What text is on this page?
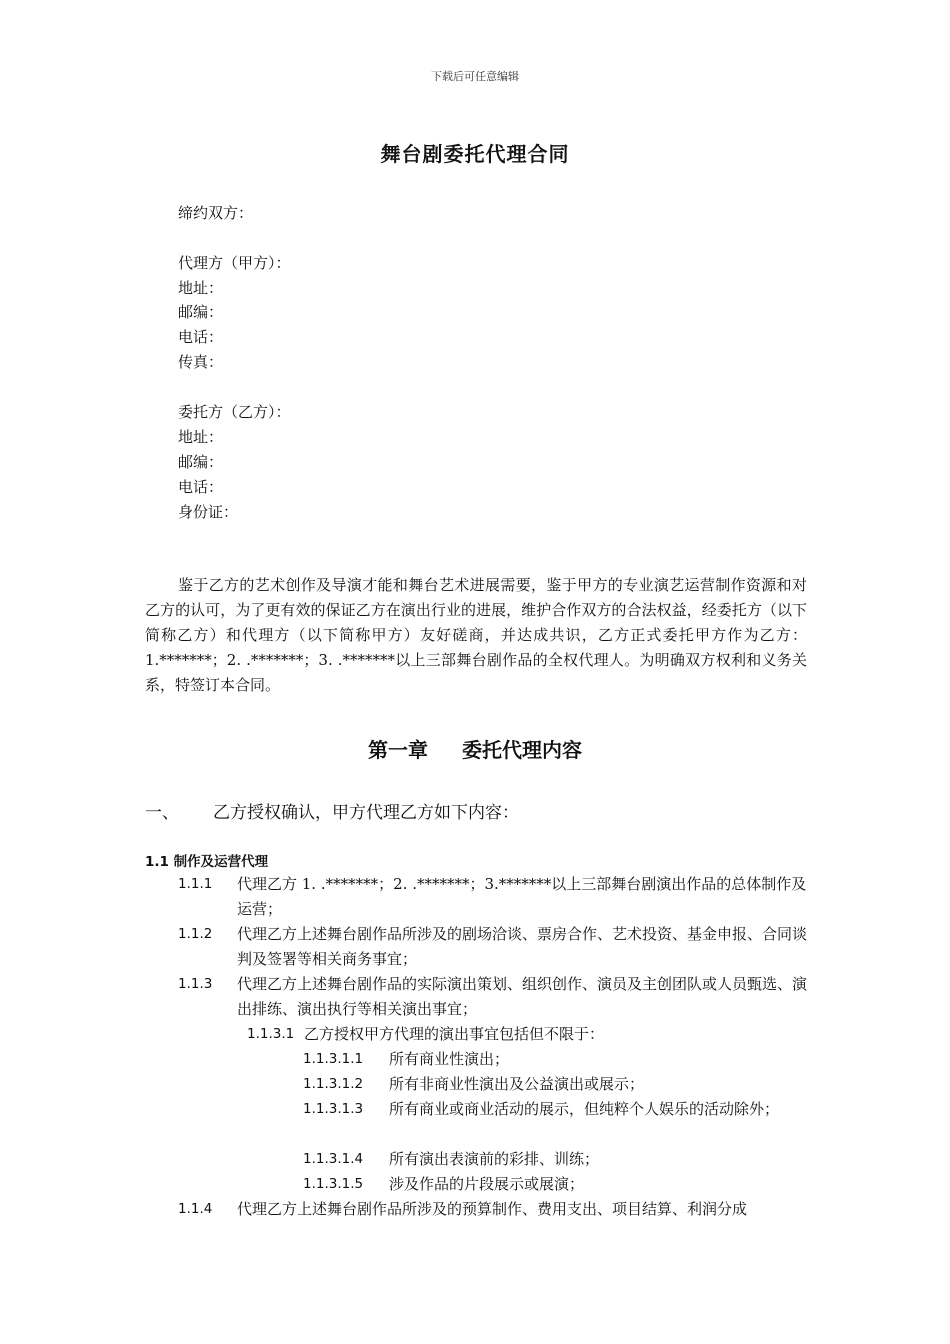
下载后可任意编辑
舞台剧委托代理合同
缔约双方：
代理方（甲方）：
地址：
邮编：
电话：
传真：
委托方（乙方）：
地址：
邮编：
电话：
身份证：
鉴于乙方的艺术创作及导演才能和舞台艺术进展需要，鉴于甲方的专业演艺运营制作资源和对乙方的认可，为了更有效的保证乙方在演出行业的进展，维护合作双方的合法权益，经委托方（以下简称乙方）和代理方（以下简称甲方）友好磋商，并达成共识，乙方正式委托甲方作为乙方：1.*******；2. .*******；3. .*******以上三部舞台剧作品的全权代理人。为明确双方权利和义务关系，特签订本合同。
第一章 委托代理内容
一、 乙方授权确认，甲方代理乙方如下内容：
1.1 制作及运营代理
1.1.1 代理乙方 1. .*******；2. .*******；3.*******以上三部舞台剧演出作品的总体制作及运营；
1.1.2 代理乙方上述舞台剧作品所涉及的剧场洽谈、票房合作、艺术投资、基金申报、合同谈判及签署等相关商务事宜；
1.1.3 代理乙方上述舞台剧作品的实际演出策划、组织创作、演员及主创团队或人员甄选、演出排练、演出执行等相关演出事宜；
1.1.3.1 乙方授权甲方代理的演出事宜包括但不限于：
1.1.3.1.1 所有商业性演出；
1.1.3.1.2 所有非商业性演出及公益演出或展示；
1.1.3.1.3 所有商业或商业活动的展示，但纯粹个人娱乐的活动除外；
1.1.3.1.4 所有演出表演前的彩排、训练；
1.1.3.1.5 涉及作品的片段展示或展演；
1.1.4 代理乙方上述舞台剧作品所涉及的预算制作、费用支出、项目结算、利润分成
